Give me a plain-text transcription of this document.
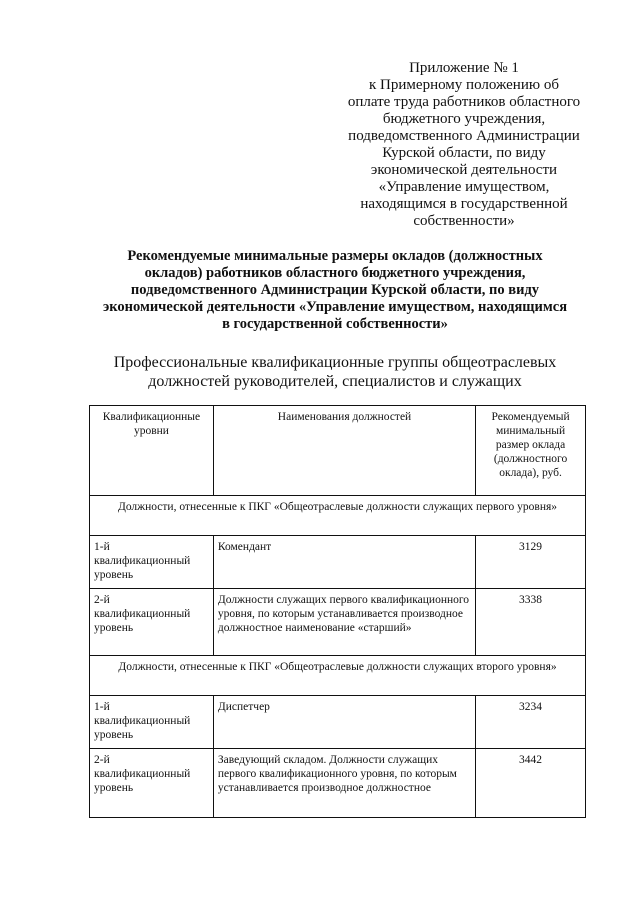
Приложение № 1
к Примерному положению об
оплате труда работников областного
бюджетного учреждения,
подведомственного Администрации
Курской области, по виду
экономической деятельности
«Управление имуществом,
находящимся в государственной
собственности»
Рекомендуемые минимальные размеры окладов (должностных
окладов) работников областного бюджетного учреждения,
подведомственного Администрации Курской области, по виду
экономической деятельности «Управление имуществом, находящимся
в государственной собственности»
Профессиональные квалификационные группы общеотраслевых
должностей руководителей, специалистов и служащих
Квалификационные уровни	Наименования должностей	Рекомендуемый минимальный размер оклада (должностного оклада), руб.
Должности, отнесенные к ПКГ «Общеотраслевые должности служащих первого уровня»		
1-й квалификационный уровень	Комендант	3129
2-й квалификационный уровень	Должности служащих первого квалификационного уровня, по которым устанавливается производное должностное наименование «старший»	3338
Должности, отнесенные к ПКГ «Общеотраслевые должности служащих второго уровня»		
1-й квалификационный уровень	Диспетчер	3234
2-й квалификационный уровень	Заведующий складом. Должности служащих первого квалификационного уровня, по которым устанавливается производное должностное	3442
